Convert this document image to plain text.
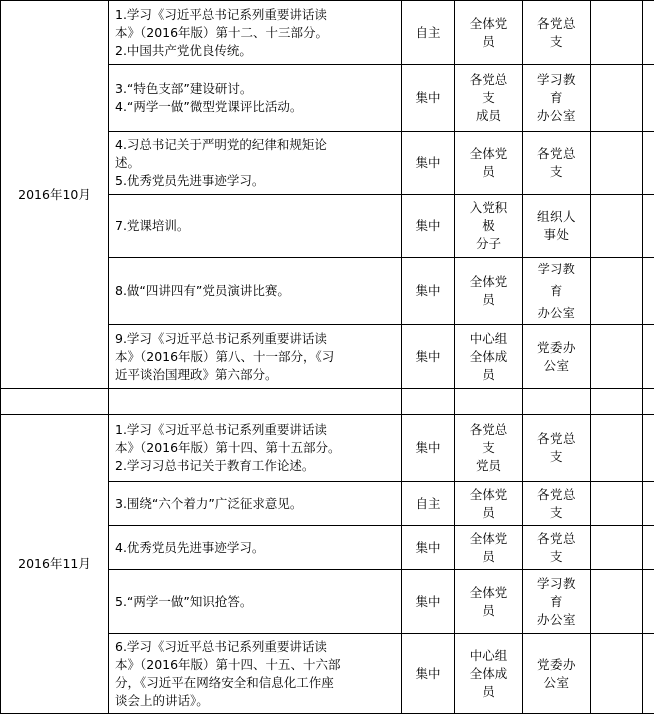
2016年10月	1.学习《习近平总书记系列重要讲话读
本》（2016年版）第十二、十三部分。
2.中国共产党优良传统。	自主	全体党
员	各党总
支		

	3.“特色支部”建设研讨。
4.“两学一做”微型党课评比活动。	集中	各党总
支
成员	学习教
育
办公室		

	4.习总书记关于严明党的纪律和规矩论
述。
5.优秀党员先进事迹学习。	集中	全体党
员	各党总
支		

	7.党课培训。	集中	入党积
极
分子	组织人
事处		

	8.做“四讲四有”党员演讲比赛。	集中	全体党
员	学习教
育
办公室		

	9.学习《习近平总书记系列重要讲话读
本》（2016年版）第八、十一部分，《习
近平谈治国理政》第六部分。	集中	中心组
全体成
员	党委办
公室		

2016年11月	1.学习《习近平总书记系列重要讲话读
本》（2016年版）第十四、第十五部分。
2.学习习总书记关于教育工作论述。	集中	各党总
支
党员	各党总
支		

	3.围绕“六个着力”广泛征求意见。	自主	全体党
员	各党总
支		

	4.优秀党员先进事迹学习。	集中	全体党
员	各党总
支		

	5.“两学一做”知识抢答。	集中	全体党
员	学习教
育
办公室		

	6.学习《习近平总书记系列重要讲话读
本》（2016年版）第十四、十五、十六部
分，《习近平在网络安全和信息化工作座
谈会上的讲话》。	集中	中心组
全体成
员	党委办
公室		
